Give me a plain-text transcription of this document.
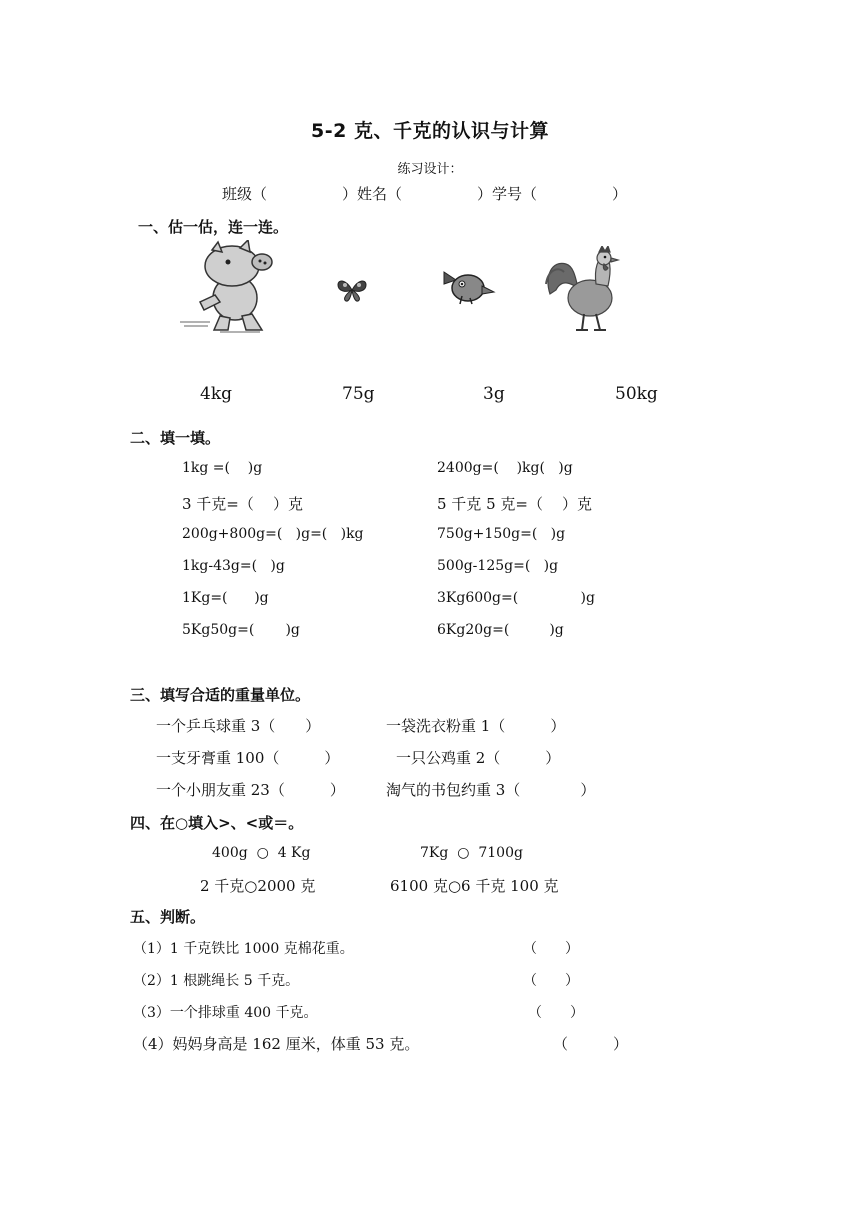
5-2 克、千克的认识与计算
练习设计：
班级（　　　　　）姓名（　　　　　）学号（　　　　　）
一、估一估，连一连。
4kg	75g	3g	50kg
二、填一填。
1kg =(    )g	2400g=(    )kg(   )g
3 千克=（    ）克	5 千克 5 克=（    ）克
200g+800g=(   )g=(   )kg	750g+150g=(   )g
1kg-43g=(   )g	500g-125g=(   )g
1Kg=(      )g	3Kg600g=(              )g
5Kg50g=(       )g	6Kg20g=(         )g
三、填写合适的重量单位。
一个乒乓球重 3（　　）	一袋洗衣粉重 1（　　　）
一支牙膏重 100（　　　）	一只公鸡重 2（　　　）
一个小朋友重 23（　　　）	淘气的书包约重 3（　　　　）
四、在○填入>、<或＝。
400g  ○  4 Kg	7Kg  ○  7100g
2 千克○2000 克	6100 克○6 千克 100 克
五、判断。
（1）1 千克铁比 1000 克棉花重。	（　　）
（2）1 根跳绳长 5 千克。	（　　）
（3）一个排球重 400 千克。	（　　）
（4）妈妈身高是 162 厘米，体重 53 克。	（　　　）
